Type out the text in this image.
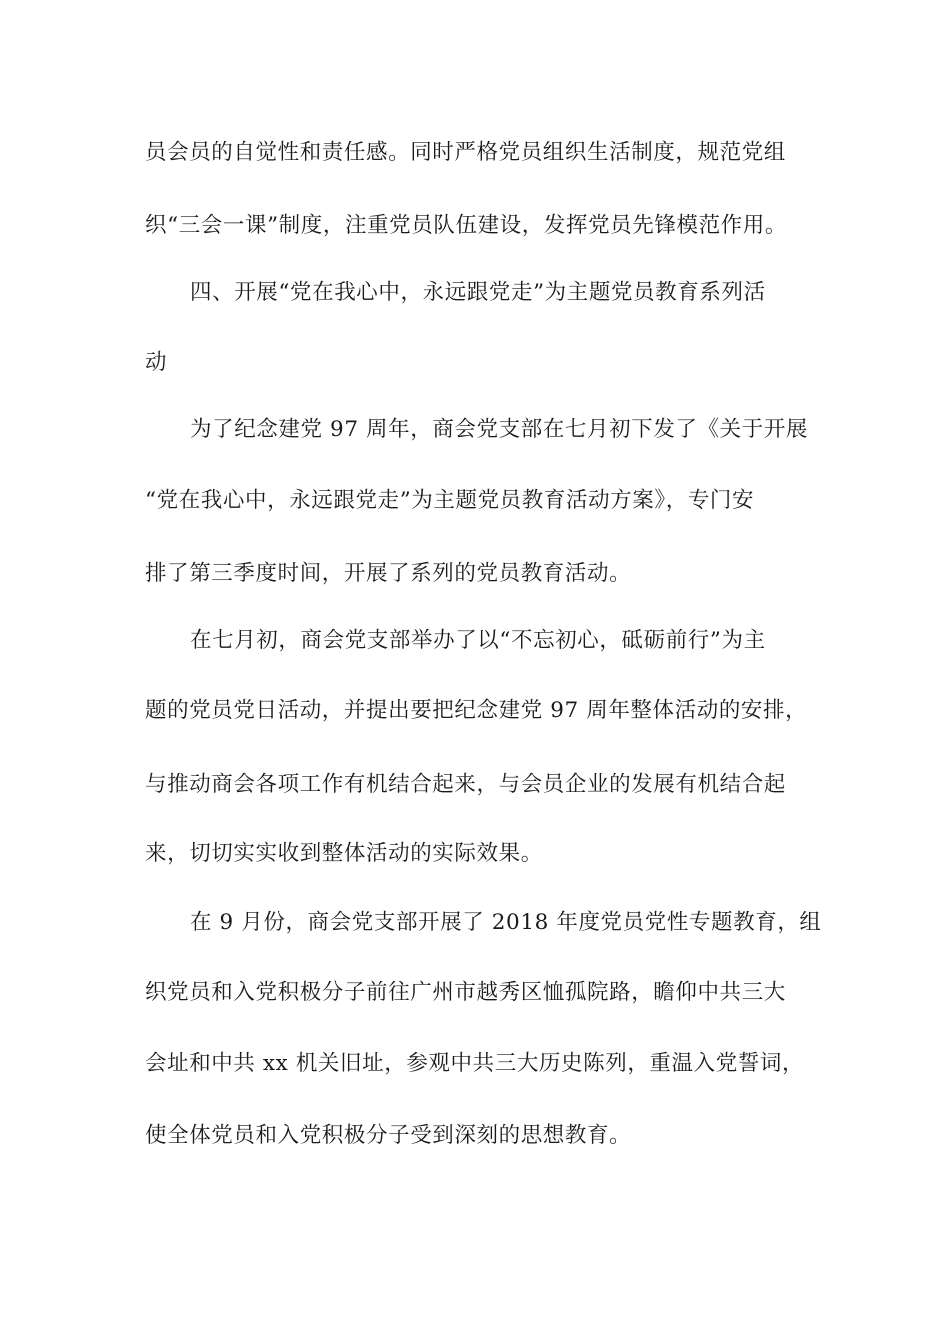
员会员的自觉性和责任感。同时严格党员组织生活制度，规范党组
织“三会一课”制度，注重党员队伍建设，发挥党员先锋模范作用。
四、开展“党在我心中，永远跟党走”为主题党员教育系列活
动
为了纪念建党 97 周年，商会党支部在七月初下发了《关于开展
“党在我心中，永远跟党走”为主题党员教育活动方案》，专门安
排了第三季度时间，开展了系列的党员教育活动。
在七月初，商会党支部举办了以“不忘初心，砥砺前行”为主
题的党员党日活动，并提出要把纪念建党 97 周年整体活动的安排，
与推动商会各项工作有机结合起来，与会员企业的发展有机结合起
来，切切实实收到整体活动的实际效果。
在 9 月份，商会党支部开展了 2018 年度党员党性专题教育，组
织党员和入党积极分子前往广州市越秀区恤孤院路，瞻仰中共三大
会址和中共 xx 机关旧址，参观中共三大历史陈列，重温入党誓词，
使全体党员和入党积极分子受到深刻的思想教育。
